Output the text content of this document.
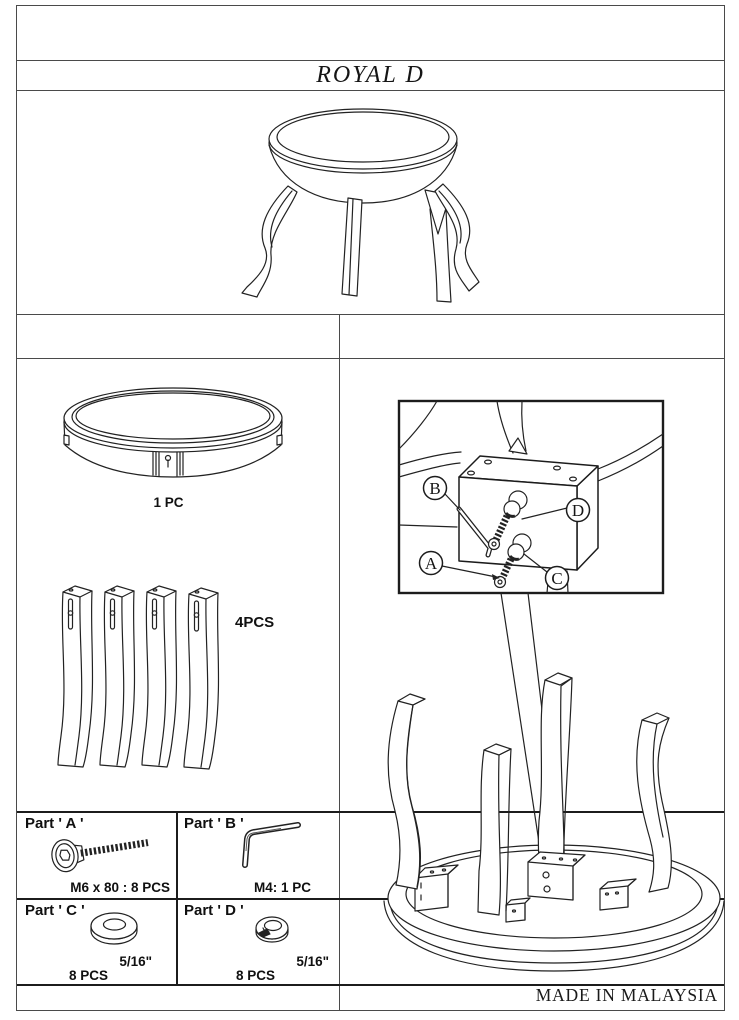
ROYAL D
1 PC
4PCS
Part ' A '
M6 x 80 : 8 PCS
Part ' B '
M4: 1 PC
Part ' C '
5/16"
8 PCS
Part ' D '
5/16"
8 PCS
B
A
D
C
MADE IN MALAYSIA
